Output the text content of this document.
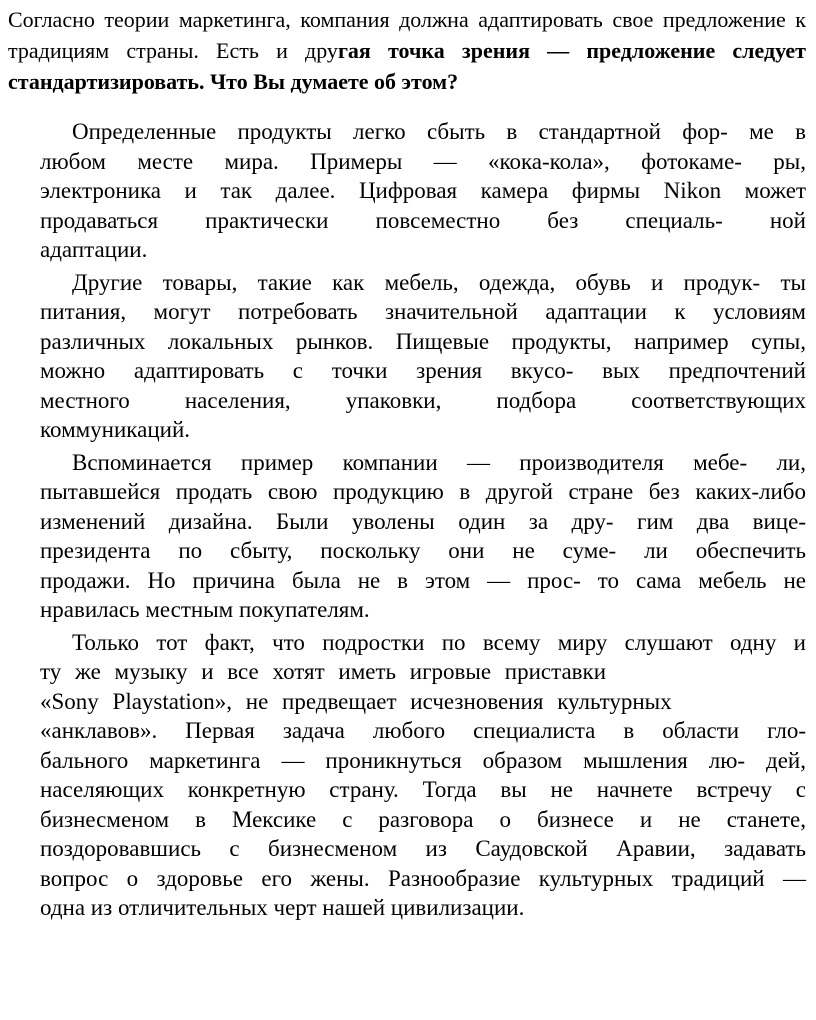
Согласно теории маркетинга, компания должна адаптировать свое предложение к традициям страны. Есть и другая точка зрения — предложение следует стандартизировать. Что Вы думаете об этом?

Определенные продукты легко сбыть в стандартной фор- ме в
любом месте мира. Примеры — «кока-кола», фотокаме- ры,
электроника и так далее. Цифровая камера фирмы Nikon может
продаваться практически повсеместно без специаль- ной
адаптации.
Другие товары, такие как мебель, одежда, обувь и продук- ты
питания, могут потребовать значительной адаптации к условиям
различных локальных рынков. Пищевые продукты, например супы,
можно адаптировать с точки зрения вкусо- вых предпочтений
местного населения, упаковки, подбора соответствующих
коммуникаций.
Вспоминается пример компании — производителя мебе- ли,
пытавшейся продать свою продукцию в другой стране без каких-либо
изменений дизайна. Были уволены один за дру- гим два вице-
президента по сбыту, поскольку они не суме- ли обеспечить
продажи. Но причина была не в этом — прос- то сама мебель не
нравилась местным покупателям.
Только тот факт, что подростки по всему миру слушают одну и
ту же музыку и все хотят иметь игровые приставки
«Sony Playstation», не предвещает исчезновения культурных
«анклавов». Первая задача любого специалиста в области гло-
бального маркетинга — проникнуться образом мышления лю- дей,
населяющих конкретную страну. Тогда вы не начнете встречу с
бизнесменом в Мексике с разговора о бизнесе и не станете,
поздоровавшись с бизнесменом из Саудовской Аравии, задавать
вопрос о здоровье его жены. Разнообразие культурных традиций —
одна из отличительных черт нашей цивилизации.
